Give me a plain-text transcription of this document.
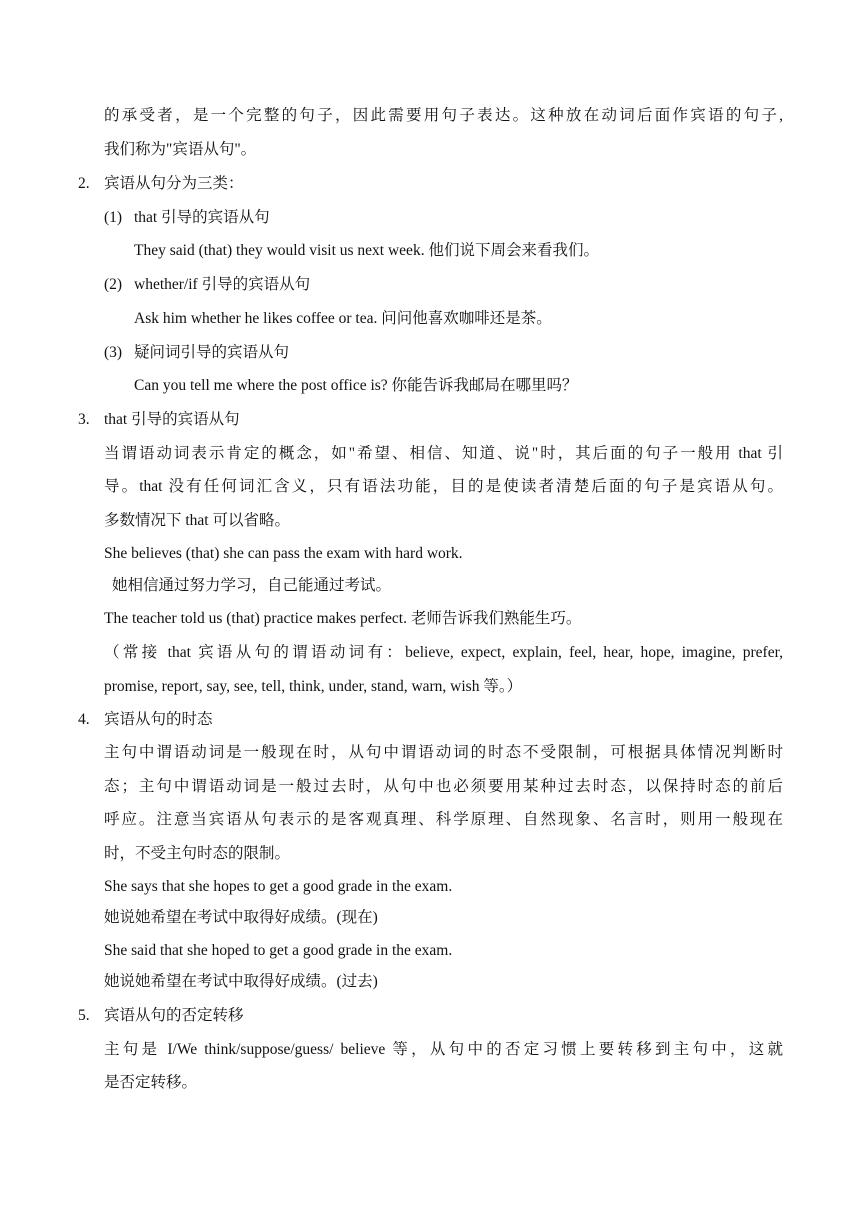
的承受者，是一个完整的句子，因此需要用句子表达。这种放在动词后面作宾语的句子,
我们称为"宾语从句"。
2. 宾语从句分为三类：
(1) that 引导的宾语从句
They said (that) they would visit us next week. 他们说下周会来看我们。
(2) whether/if 引导的宾语从句
Ask him whether he likes coffee or tea. 问问他喜欢咖啡还是茶。
(3) 疑问词引导的宾语从句
Can you tell me where the post office is? 你能告诉我邮局在哪里吗？
3. that 引导的宾语从句
当谓语动词表示肯定的概念，如"希望、相信、知道、说"时，其后面的句子一般用 that 引
导。that 没有任何词汇含义，只有语法功能，目的是使读者清楚后面的句子是宾语从句。
多数情况下 that 可以省略。
She believes (that) she can pass the exam with hard work.
她相信通过努力学习，自己能通过考试。
The teacher told us (that) practice makes perfect. 老师告诉我们熟能生巧。
（常接 that 宾语从句的谓语动词有：believe, expect, explain, feel, hear, hope, imagine, prefer,
promise, report, say, see, tell, think, under, stand, warn, wish 等。）
4. 宾语从句的时态
主句中谓语动词是一般现在时，从句中谓语动词的时态不受限制，可根据具体情况判断时
态；主句中谓语动词是一般过去时，从句中也必须要用某种过去时态，以保持时态的前后
呼应。注意当宾语从句表示的是客观真理、科学原理、自然现象、名言时，则用一般现在
时，不受主句时态的限制。
She says that she hopes to get a good grade in the exam.
她说她希望在考试中取得好成绩。(现在)
She said that she hoped to get a good grade in the exam.
她说她希望在考试中取得好成绩。(过去)
5. 宾语从句的否定转移
主句是 I/We think/suppose/guess/ believe 等，从句中的否定习惯上要转移到主句中，这就
是否定转移。
